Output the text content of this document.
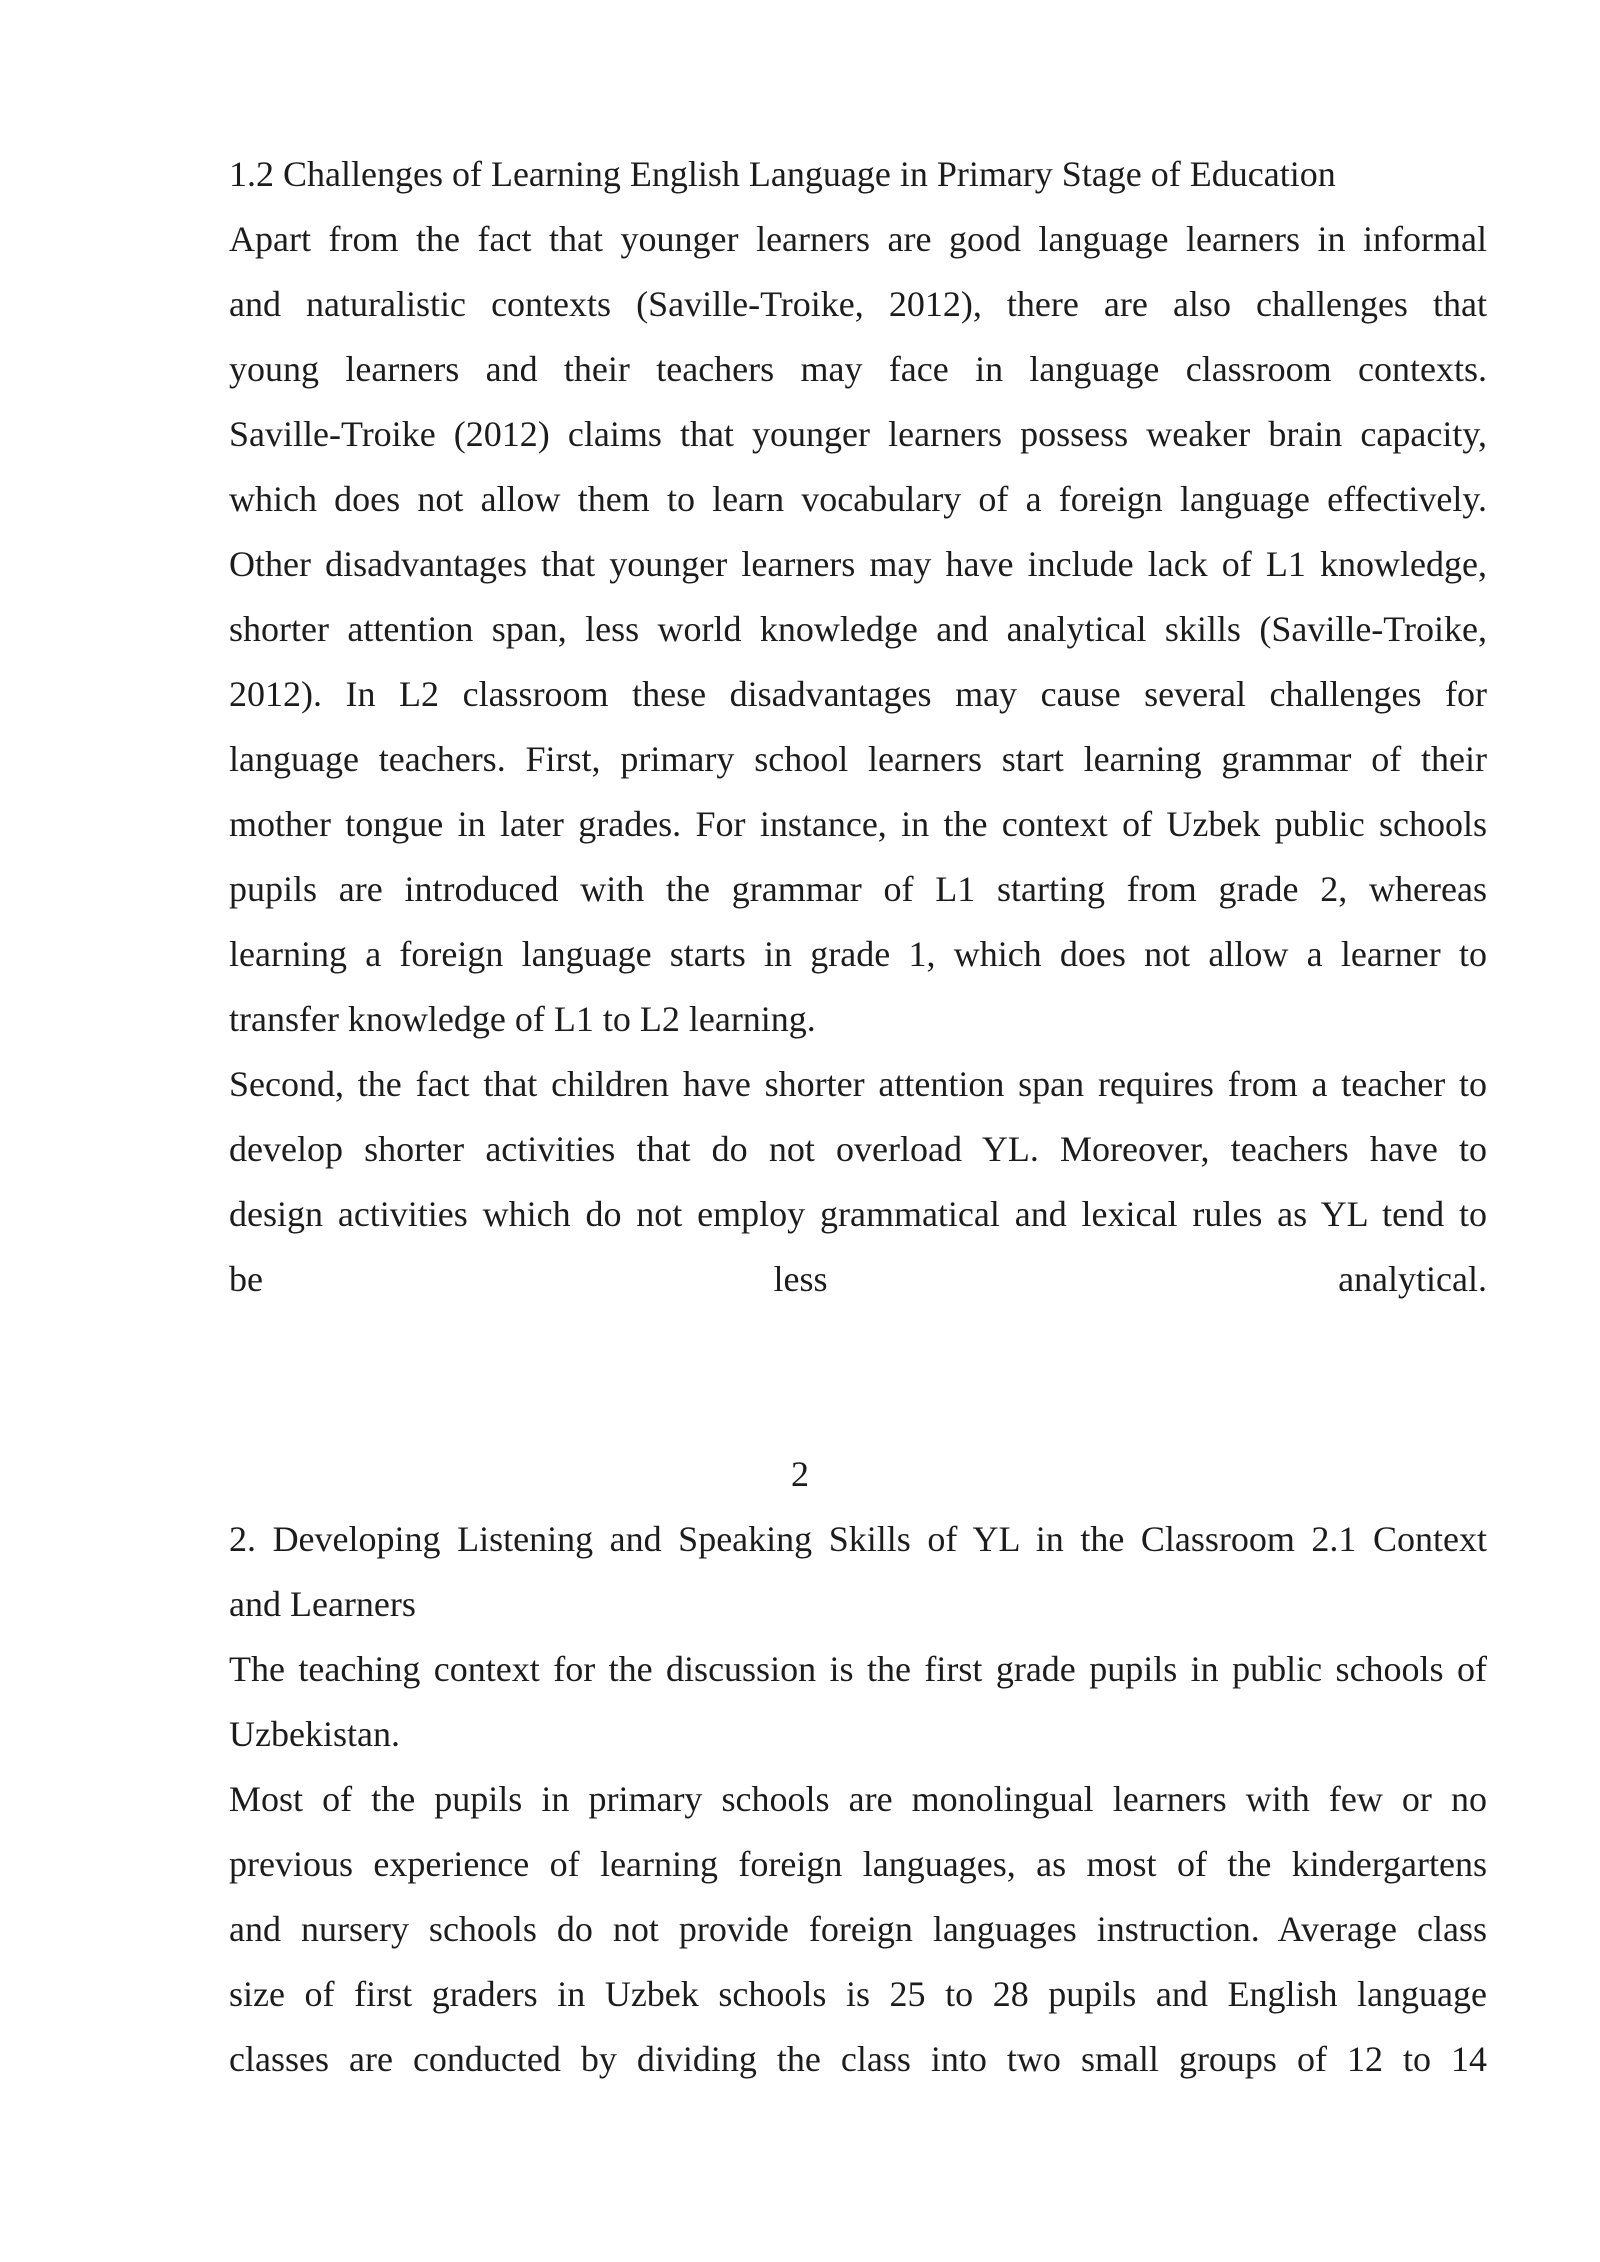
1.2 Challenges of Learning English Language in Primary Stage of Education
Apart from the fact that younger learners are good language learners in informal
and naturalistic contexts (Saville-Troike, 2012), there are also challenges that
young learners and their teachers may face in language classroom contexts.
Saville-Troike (2012) claims that younger learners possess weaker brain capacity,
which does not allow them to learn vocabulary of a foreign language effectively.
Other disadvantages that younger learners may have include lack of L1 knowledge,
shorter attention span, less world knowledge and analytical skills (Saville-Troike,
2012). In L2 classroom these disadvantages may cause several challenges for
language teachers. First, primary school learners start learning grammar of their
mother tongue in later grades. For instance, in the context of Uzbek public schools
pupils are introduced with the grammar of L1 starting from grade 2, whereas
learning a foreign language starts in grade 1, which does not allow a learner to
transfer knowledge of L1 to L2 learning.
Second, the fact that children have shorter attention span requires from a teacher to
develop shorter activities that do not overload YL. Moreover, teachers have to
design activities which do not employ grammatical and lexical rules as YL tend to
be less analytical.
2
2. Developing Listening and Speaking Skills of YL in the Classroom 2.1 Context
and Learners
The teaching context for the discussion is the first grade pupils in public schools of
Uzbekistan.
Most of the pupils in primary schools are monolingual learners with few or no
previous experience of learning foreign languages, as most of the kindergartens
and nursery schools do not provide foreign languages instruction. Average class
size of first graders in Uzbek schools is 25 to 28 pupils and English language
classes are conducted by dividing the class into two small groups of 12 to 14
